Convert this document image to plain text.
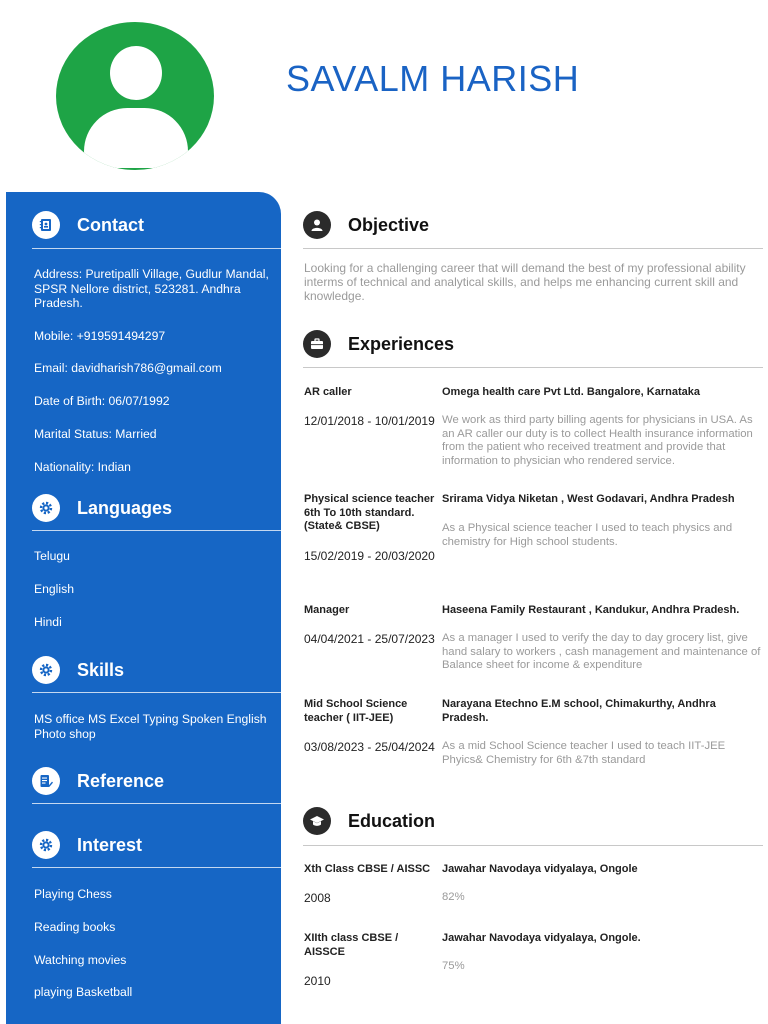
SAVALM HARISH
Contact
Address: Puretipalli Village, Gudlur Mandal, SPSR Nellore district, 523281. Andhra Pradesh.
Mobile: +919591494297
Email: davidharish786@gmail.com
Date of Birth: 06/07/1992
Marital Status: Married
Nationality: Indian
Languages
Telugu
English
Hindi
Skills
MS office MS Excel Typing Spoken English Photo shop
Reference
Interest
Playing Chess
Reading books
Watching movies
playing Basketball
Objective

Looking for a challenging career that will demand the best of my professional ability interms of technical and analytical skills, and helps me enhancing current skill and knowledge.

Experiences
AR caller
12/01/2018 - 10/01/2019
Omega health care Pvt Ltd. Bangalore, Karnataka
We work as third party billing agents for physicians in USA. As an AR caller our duty is to collect Health insurance information from the patient who received treatment and provide that information to physician who rendered service.
Physical science teacher 6th To 10th standard. (State& CBSE)
15/02/2019 - 20/03/2020
Srirama Vidya Niketan , West Godavari, Andhra Pradesh
As a Physical science teacher I used to teach physics and chemistry for High school students.
Manager
04/04/2021 - 25/07/2023
Haseena Family Restaurant , Kandukur, Andhra Pradesh.
As a manager I used to verify the day to day grocery list, give hand salary to workers , cash management and maintenance of Balance sheet for income & expenditure
Mid School Science teacher ( IIT-JEE)
03/08/2023 - 25/04/2024
Narayana Etechno E.M school, Chimakurthy, Andhra Pradesh.
As a mid School Science teacher I used to teach IIT-JEE Phyics& Chemistry for 6th &7th standard
Education
Xth Class CBSE / AISSC
2008
Jawahar Navodaya vidyalaya, Ongole
82%
XIIth class CBSE / AISSCE
2010
Jawahar Navodaya vidyalaya, Ongole.
75%
